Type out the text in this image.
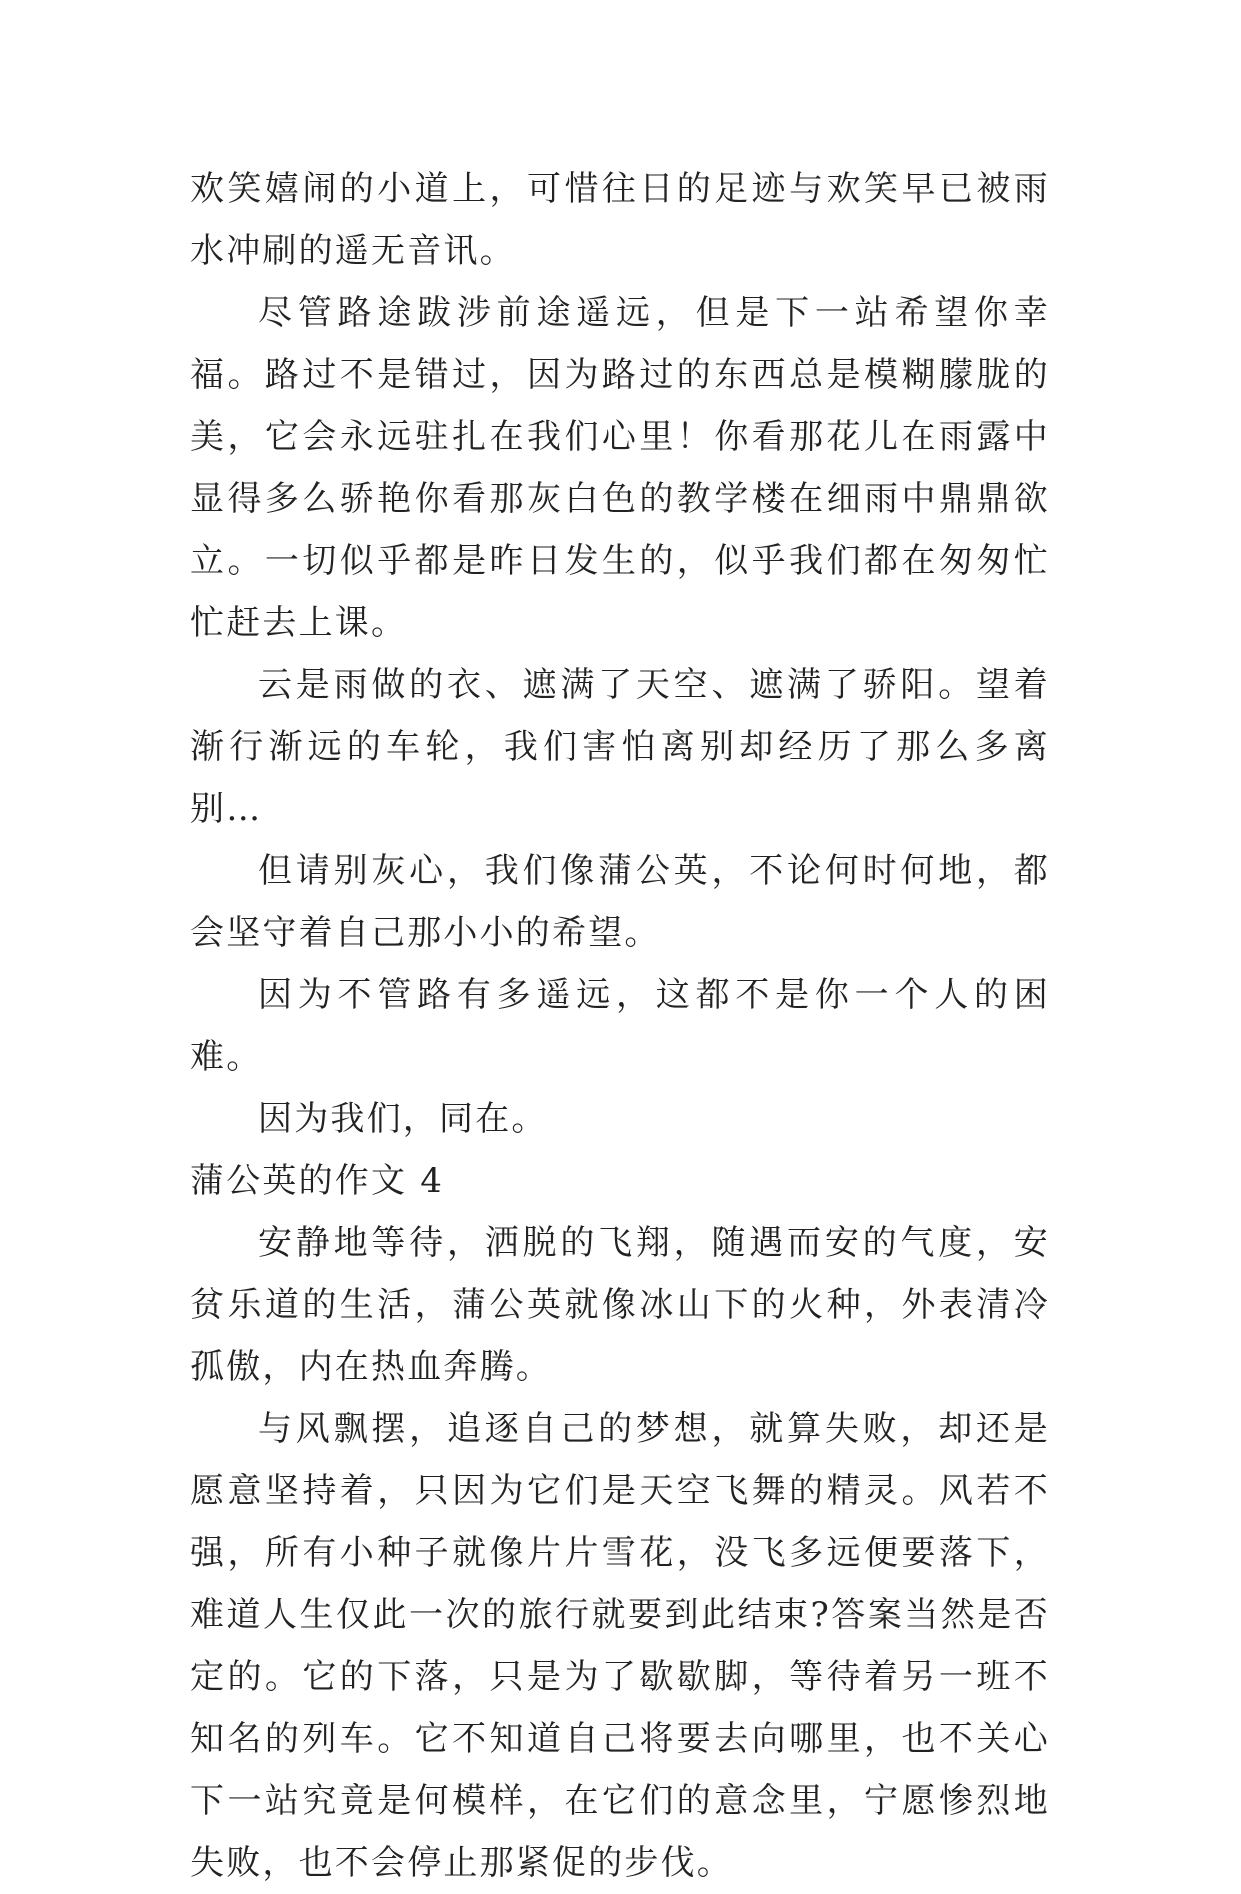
欢笑嬉闹的小道上，可惜往日的足迹与欢笑早已被雨水冲刷的遥无音讯。

尽管路途跋涉前途遥远，但是下一站希望你幸福。路过不是错过，因为路过的东西总是模糊朦胧的美，它会永远驻扎在我们心里！你看那花儿在雨露中显得多么骄艳你看那灰白色的教学楼在细雨中鼎鼎欲立。一切似乎都是昨日发生的，似乎我们都在匆匆忙忙赶去上课。

云是雨做的衣、遮满了天空、遮满了骄阳。望着渐行渐远的车轮，我们害怕离别却经历了那么多离别…

但请别灰心，我们像蒲公英，不论何时何地，都会坚守着自己那小小的希望。

因为不管路有多遥远，这都不是你一个人的困难。

因为我们，同在。

蒲公英的作文 4

安静地等待，洒脱的飞翔，随遇而安的气度，安贫乐道的生活，蒲公英就像冰山下的火种，外表清冷孤傲，内在热血奔腾。

与风飘摆，追逐自己的梦想，就算失败，却还是愿意坚持着，只因为它们是天空飞舞的精灵。风若不强，所有小种子就像片片雪花，没飞多远便要落下，难道人生仅此一次的旅行就要到此结束?答案当然是否定的。它的下落，只是为了歇歇脚，等待着另一班不知名的列车。它不知道自己将要去向哪里，也不关心下一站究竟是何模样，在它们的意念里，宁愿惨烈地失败，也不会停止那紧促的步伐。
